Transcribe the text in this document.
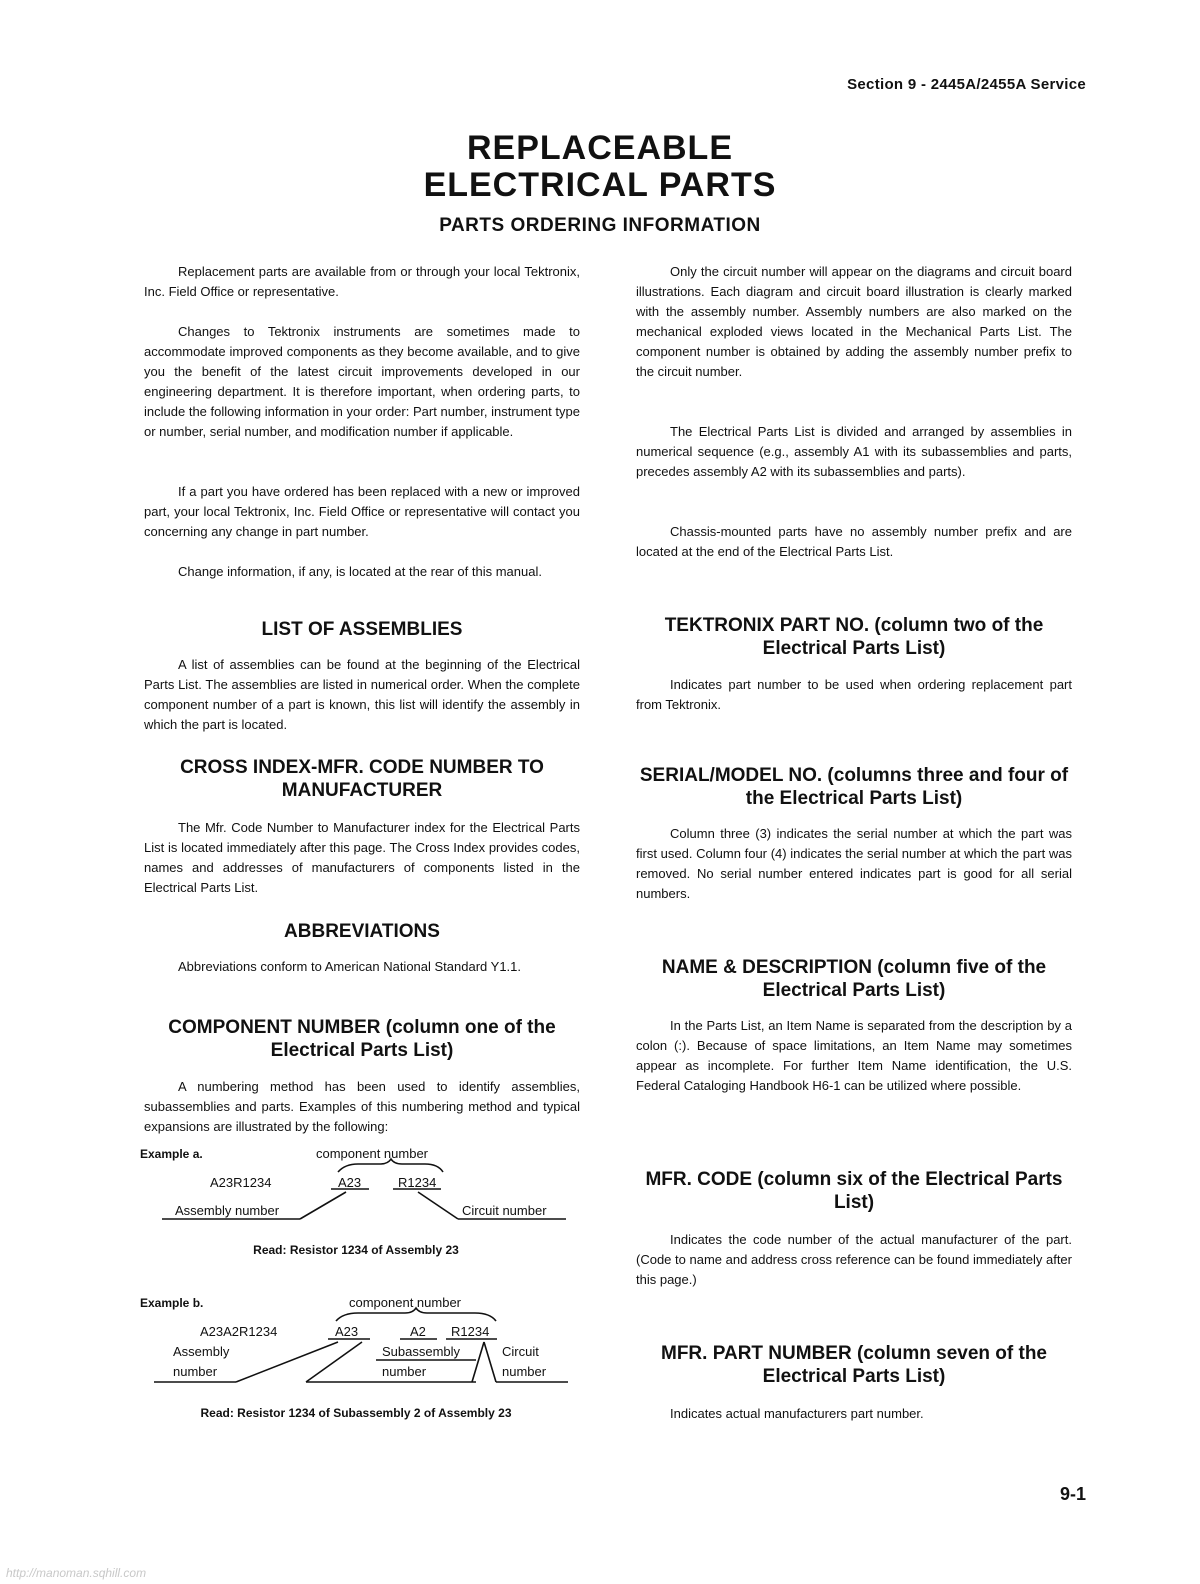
Section 9 - 2445A/2455A Service
REPLACEABLE
ELECTRICAL PARTS
PARTS ORDERING INFORMATION

Replacement parts are available from or through your local Tektronix, Inc. Field Office or representative.

Changes to Tektronix instruments are sometimes made to accommodate improved components as they become available, and to give you the benefit of the latest circuit improvements developed in our engineering department. It is therefore important, when ordering parts, to include the following information in your order: Part number, instrument type or number, serial number, and modification number if applicable.

If a part you have ordered has been replaced with a new or improved part, your local Tektronix, Inc. Field Office or representative will contact you concerning any change in part number.

Change information, if any, is located at the rear of this manual.

LIST OF ASSEMBLIES

A list of assemblies can be found at the beginning of the Electrical Parts List. The assemblies are listed in numerical order. When the complete component number of a part is known, this list will identify the assembly in which the part is located.

CROSS INDEX-MFR. CODE NUMBER TO MANUFACTURER

The Mfr. Code Number to Manufacturer index for the Electrical Parts List is located immediately after this page. The Cross Index provides codes, names and addresses of manufacturers of components listed in the Electrical Parts List.

ABBREVIATIONS

Abbreviations conform to American National Standard Y1.1.

COMPONENT NUMBER (column one of the Electrical Parts List)

A numbering method has been used to identify assemblies, subassemblies and parts. Examples of this numbering method and typical expansions are illustrated by the following:

Example a.	component number
A23R1234	A23	R1234
Assembly number	Circuit number
Read: Resistor 1234 of Assembly 23
Example b.	component number
A23A2R1234	A23	A2 R1234
Assembly
number
Subassembly
number
Circuit
number
Read: Resistor 1234 of Subassembly 2 of Assembly 23

Only the circuit number will appear on the diagrams and circuit board illustrations. Each diagram and circuit board illustration is clearly marked with the assembly number. Assembly numbers are also marked on the mechanical exploded views located in the Mechanical Parts List. The component number is obtained by adding the assembly number prefix to the circuit number.

The Electrical Parts List is divided and arranged by assemblies in numerical sequence (e.g., assembly A1 with its subassemblies and parts, precedes assembly A2 with its subassemblies and parts).

Chassis-mounted parts have no assembly number prefix and are located at the end of the Electrical Parts List.

TEKTRONIX PART NO. (column two of the Electrical Parts List)

Indicates part number to be used when ordering replacement part from Tektronix.

SERIAL/MODEL NO. (columns three and four of the Electrical Parts List)

Column three (3) indicates the serial number at which the part was first used. Column four (4) indicates the serial number at which the part was removed. No serial number entered indicates part is good for all serial numbers.

NAME & DESCRIPTION (column five of the Electrical Parts List)

In the Parts List, an Item Name is separated from the description by a colon (:). Because of space limitations, an Item Name may sometimes appear as incomplete. For further Item Name identification, the U.S. Federal Cataloging Handbook H6-1 can be utilized where possible.

MFR. CODE (column six of the Electrical Parts List)

Indicates the code number of the actual manufacturer of the part. (Code to name and address cross reference can be found immediately after this page.)

MFR. PART NUMBER (column seven of the Electrical Parts List)

Indicates actual manufacturers part number.

9-1
http://manoman.sqhill.com
